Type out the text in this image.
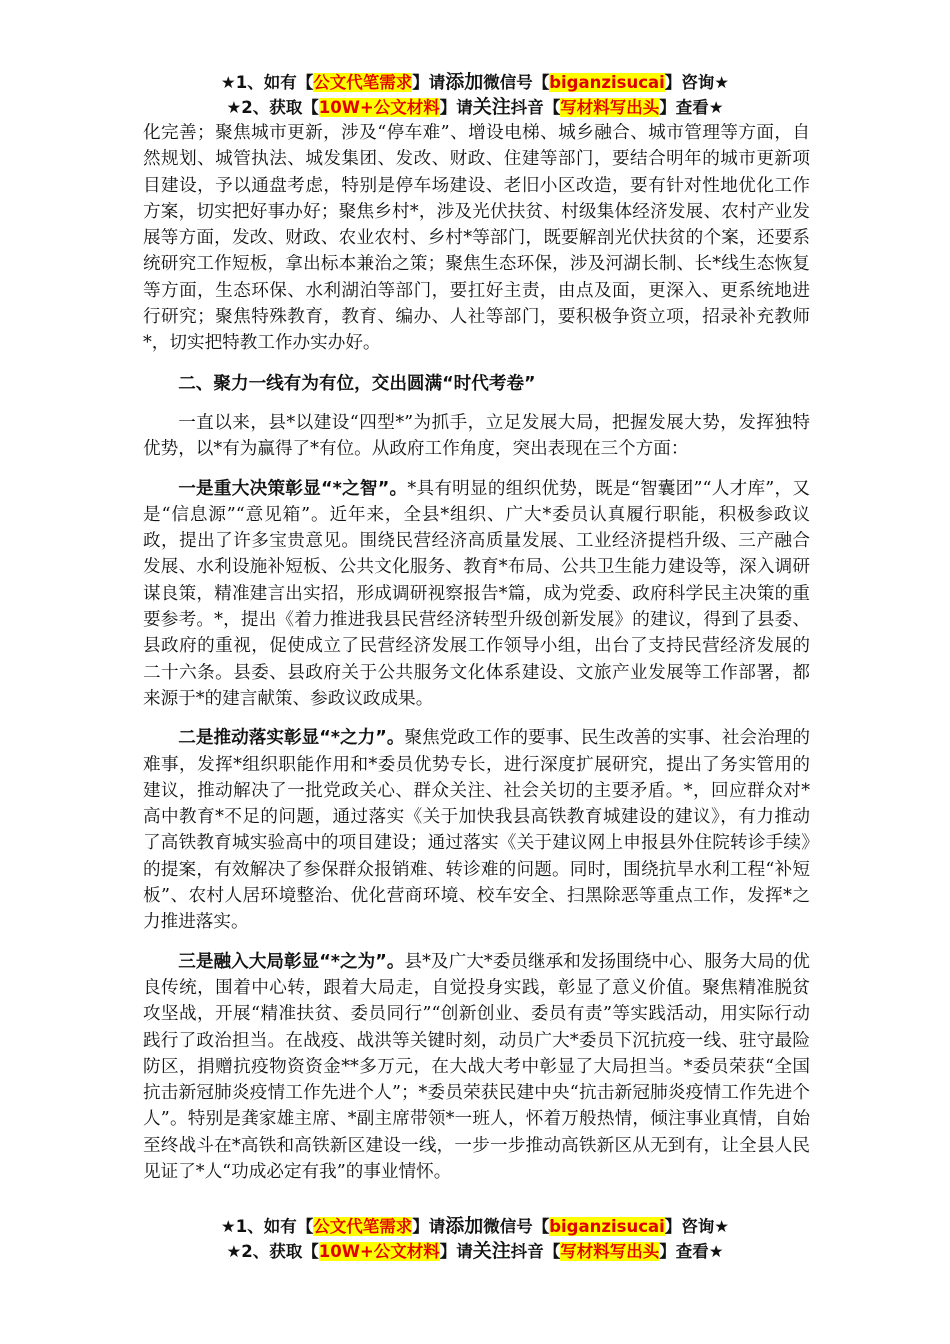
★1、如有【公文代笔需求】请添加微信号【biganzisucai】咨询★
★2、获取【10W+公文材料】请关注抖音【写材料写出头】查看★

化完善；聚焦城市更新，涉及“停车难”、增设电梯、城乡融合、城市管理等方面，自然规划、城管执法、城发集团、发改、财政、住建等部门，要结合明年的城市更新项目建设，予以通盘考虑，特别是停车场建设、老旧小区改造，要有针对性地优化工作方案，切实把好事办好；聚焦乡村*，涉及光伏扶贫、村级集体经济发展、农村产业发展等方面，发改、财政、农业农村、乡村*等部门，既要解剖光伏扶贫的个案，还要系统研究工作短板，拿出标本兼治之策；聚焦生态环保，涉及河湖长制、长*线生态恢复等方面，生态环保、水利湖泊等部门，要扛好主责，由点及面，更深入、更系统地进行研究；聚焦特殊教育，教育、编办、人社等部门，要积极争资立项，招录补充教师*，切实把特教工作办实办好。

二、聚力一线有为有位，交出圆满“时代考卷”

一直以来，县*以建设“四型*”为抓手，立足发展大局，把握发展大势，发挥独特优势，以*有为赢得了*有位。从政府工作角度，突出表现在三个方面：

一是重大决策彰显“*之智”。*具有明显的组织优势，既是“智囊团”“人才库”，又是“信息源”“意见箱”。近年来，全县*组织、广大*委员认真履行职能，积极参政议政，提出了许多宝贵意见。围绕民营经济高质量发展、工业经济提档升级、三产融合发展、水利设施补短板、公共文化服务、教育*布局、公共卫生能力建设等，深入调研谋良策，精准建言出实招，形成调研视察报告*篇，成为党委、政府科学民主决策的重要参考。*，提出《着力推进我县民营经济转型升级创新发展》的建议，得到了县委、县政府的重视，促使成立了民营经济发展工作领导小组，出台了支持民营经济发展的二十六条。县委、县政府关于公共服务文化体系建设、文旅产业发展等工作部署，都来源于*的建言献策、参政议政成果。

二是推动落实彰显“*之力”。聚焦党政工作的要事、民生改善的实事、社会治理的难事，发挥*组织职能作用和*委员优势专长，进行深度扩展研究，提出了务实管用的建议，推动解决了一批党政关心、群众关注、社会关切的主要矛盾。*，回应群众对*高中教育*不足的问题，通过落实《关于加快我县高铁教育城建设的建议》，有力推动了高铁教育城实验高中的项目建设；通过落实《关于建议网上申报县外住院转诊手续》的提案，有效解决了参保群众报销难、转诊难的问题。同时，围绕抗旱水利工程“补短板”、农村人居环境整治、优化营商环境、校车安全、扫黑除恶等重点工作，发挥*之力推进落实。

三是融入大局彰显“*之为”。县*及广大*委员继承和发扬围绕中心、服务大局的优良传统，围着中心转，跟着大局走，自觉投身实践，彰显了意义价值。聚焦精准脱贫攻坚战，开展“精准扶贫、委员同行”“创新创业、委员有责”等实践活动，用实际行动践行了政治担当。在战疫、战洪等关键时刻，动员广大*委员下沉抗疫一线、驻守最险防区，捐赠抗疫物资资金**多万元，在大战大考中彰显了大局担当。*委员荣获“全国抗击新冠肺炎疫情工作先进个人”；*委员荣获民建中央“抗击新冠肺炎疫情工作先进个人”。特别是龚家雄主席、*副主席带领*一班人，怀着万般热情，倾注事业真情，自始至终战斗在*高铁和高铁新区建设一线，一步一步推动高铁新区从无到有，让全县人民见证了*人“功成必定有我”的事业情怀。

★1、如有【公文代笔需求】请添加微信号【biganzisucai】咨询★
★2、获取【10W+公文材料】请关注抖音【写材料写出头】查看★
